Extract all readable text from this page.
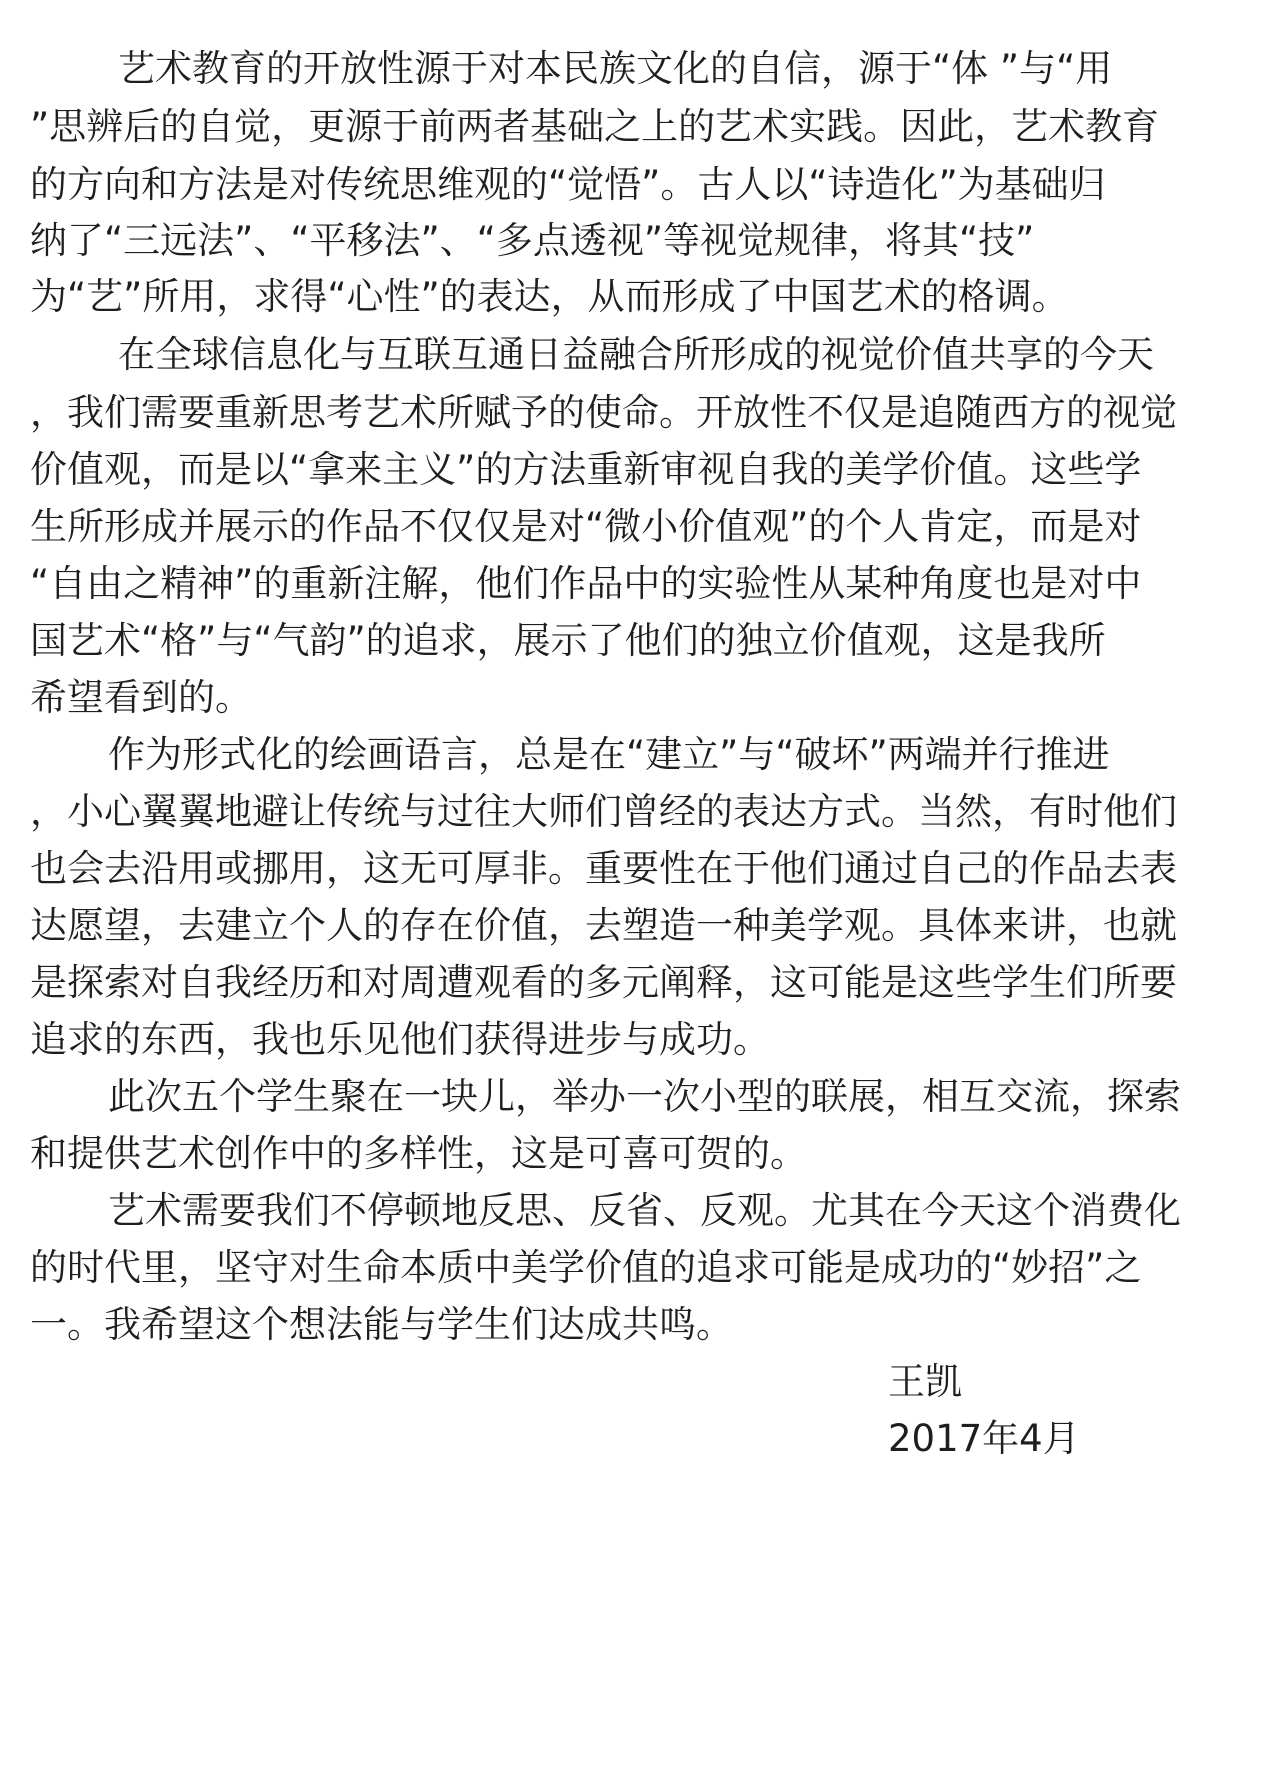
艺术教育的开放性源于对本民族文化的自信，源于“体 ”与“用
”思辨后的自觉，更源于前两者基础之上的艺术实践。因此，艺术教育
的方向和方法是对传统思维观的“觉悟”。古人以“诗造化”为基础归
纳了“三远法”、“平移法”、“多点透视”等视觉规律，将其“技”
为“艺”所用，求得“心性”的表达，从而形成了中国艺术的格调。
在全球信息化与互联互通日益融合所形成的视觉价值共享的今天
，我们需要重新思考艺术所赋予的使命。开放性不仅是追随西方的视觉
价值观，而是以“拿来主义”的方法重新审视自我的美学价值。这些学
生所形成并展示的作品不仅仅是对“微小价值观”的个人肯定，而是对
“自由之精神”的重新注解，他们作品中的实验性从某种角度也是对中
国艺术“格”与“气韵”的追求，展示了他们的独立价值观，这是我所
希望看到的。
作为形式化的绘画语言，总是在“建立”与“破坏”两端并行推进
，小心翼翼地避让传统与过往大师们曾经的表达方式。当然，有时他们
也会去沿用或挪用，这无可厚非。重要性在于他们通过自己的作品去表
达愿望，去建立个人的存在价值，去塑造一种美学观。具体来讲，也就
是探索对自我经历和对周遭观看的多元阐释，这可能是这些学生们所要
追求的东西，我也乐见他们获得进步与成功。
此次五个学生聚在一块儿，举办一次小型的联展，相互交流，探索
和提供艺术创作中的多样性，这是可喜可贺的。
艺术需要我们不停顿地反思、反省、反观。尤其在今天这个消费化
的时代里，坚守对生命本质中美学价值的追求可能是成功的“妙招”之
一。我希望这个想法能与学生们达成共鸣。
王凯
2017年4月
